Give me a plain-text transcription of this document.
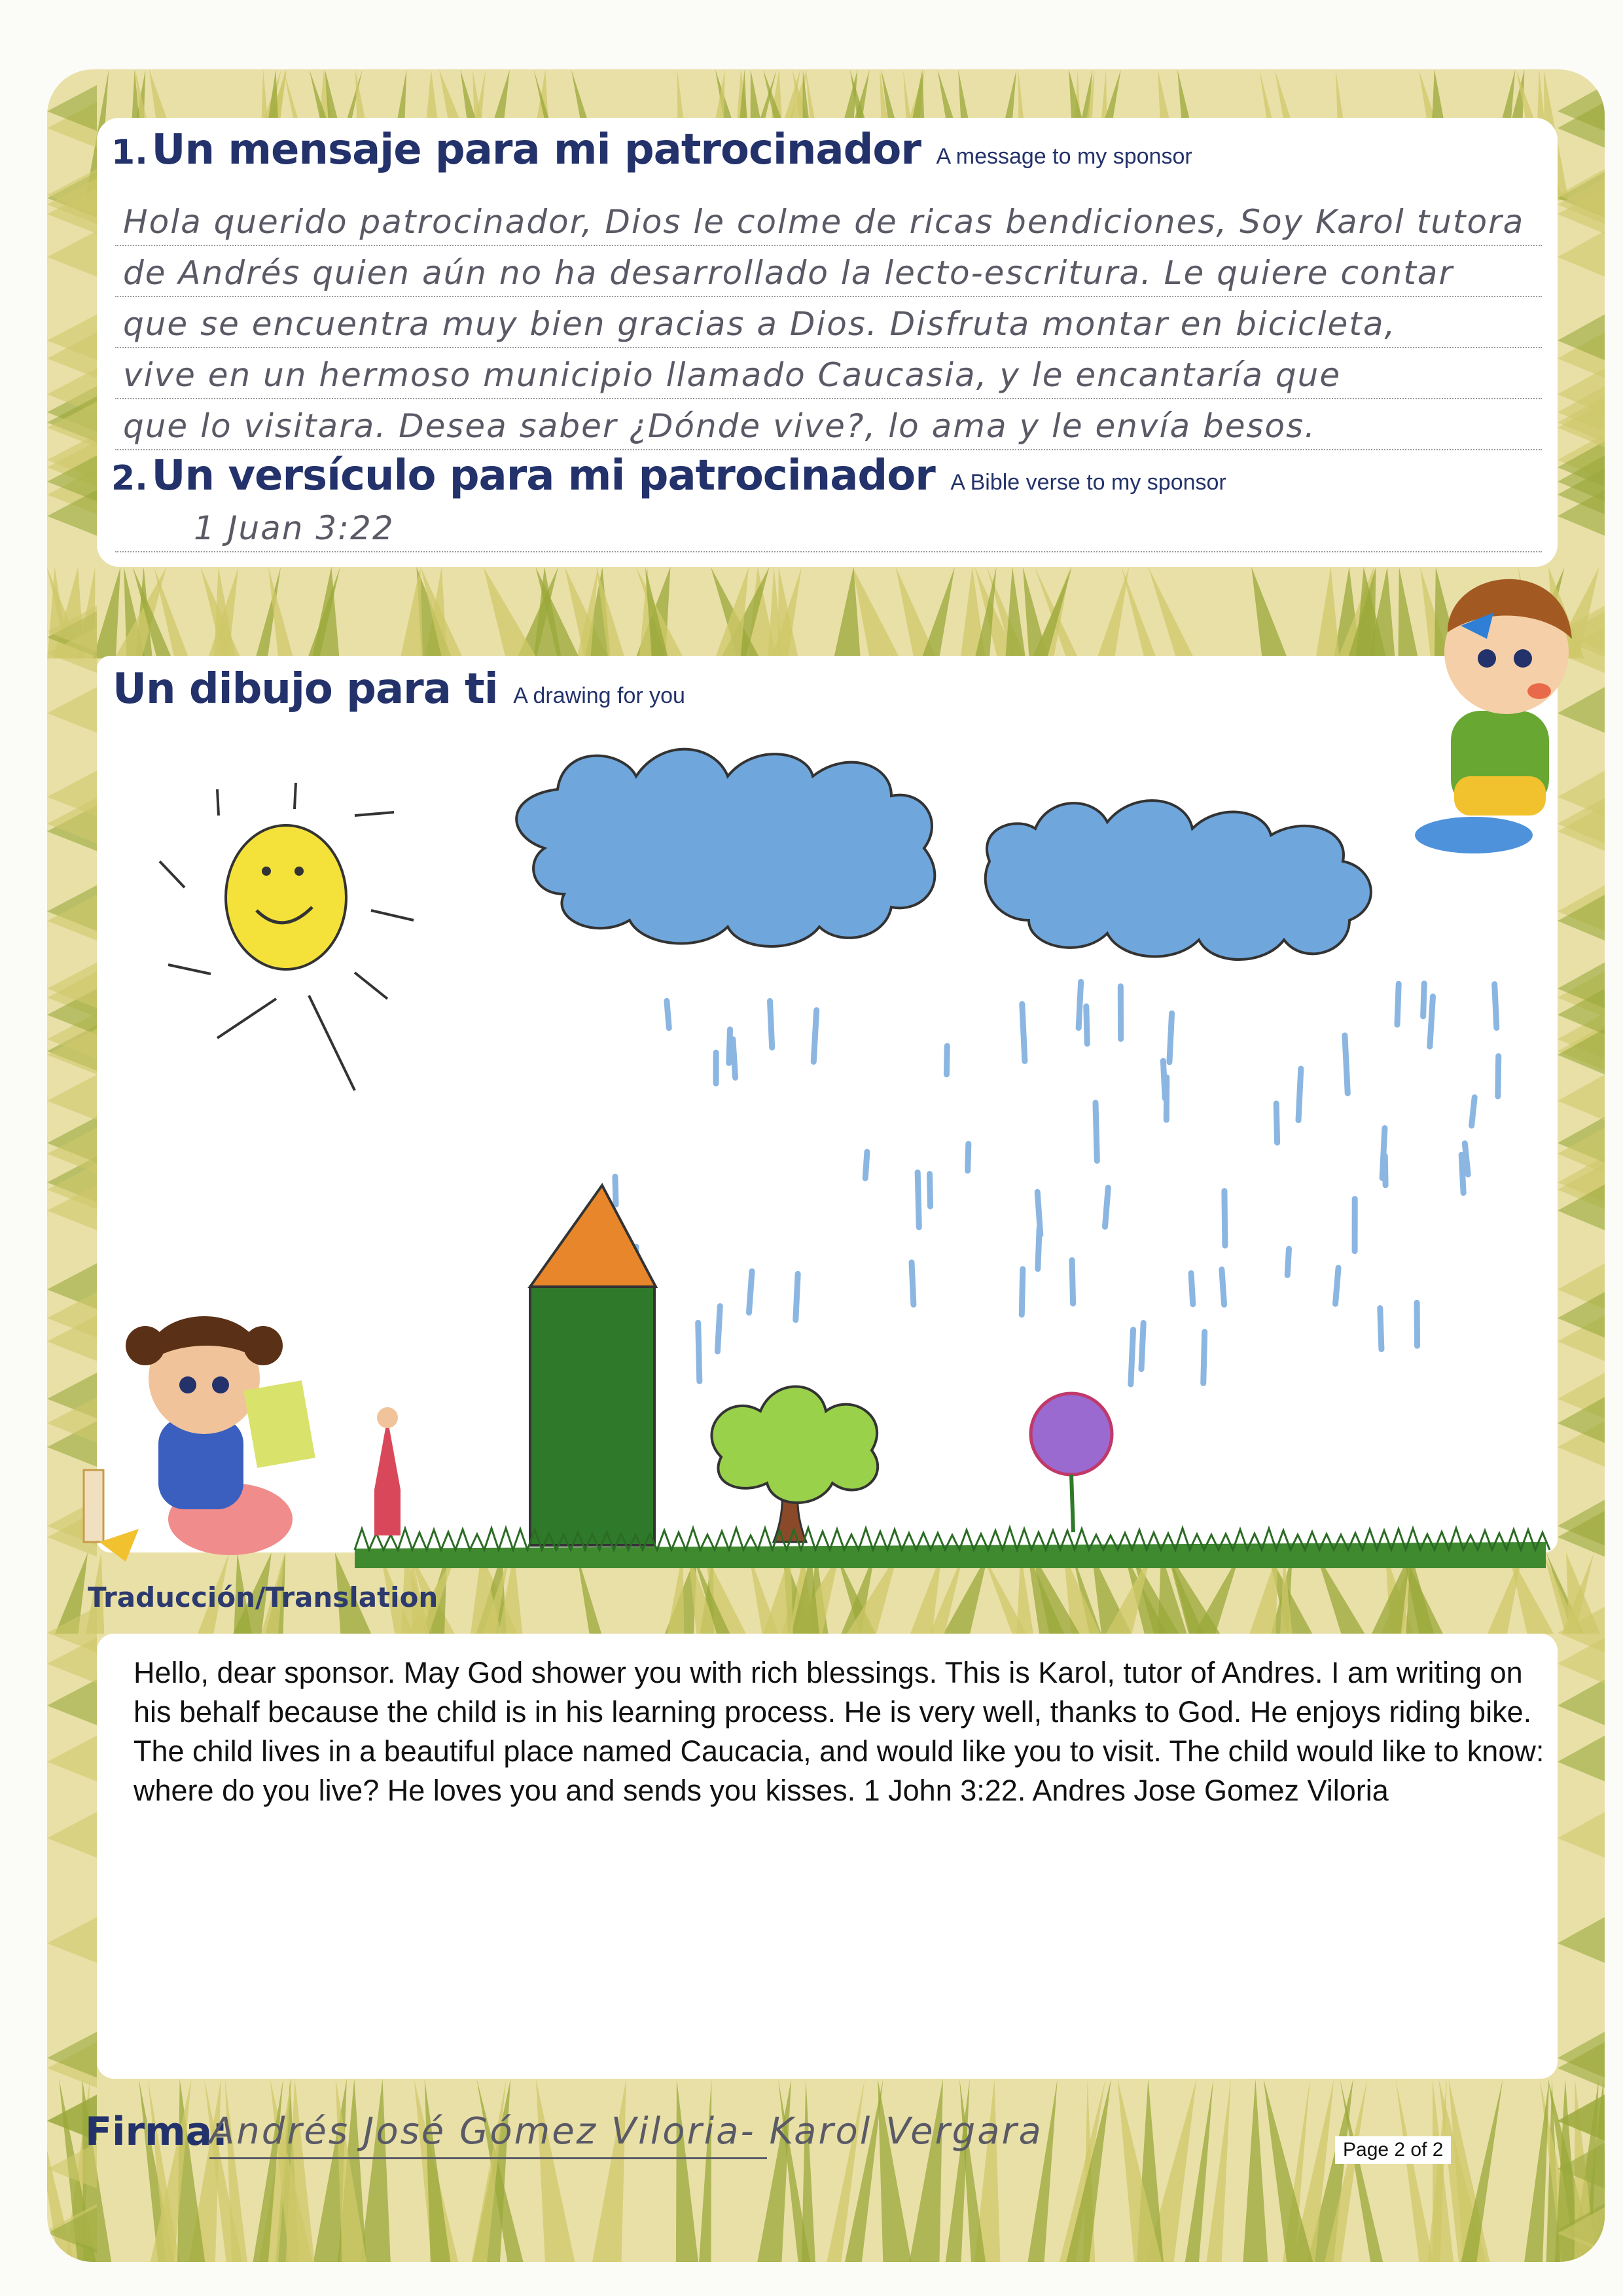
1. Un mensaje para mi patrocinador A message to my sponsor
Hola querido patrocinador, Dios le colme de ricas bendiciones, Soy Karol tutora
de Andrés quien aún no ha desarrollado la lecto-escritura. Le quiere contar
que se encuentra muy bien gracias a Dios. Disfruta montar en bicicleta,
vive en un hermoso municipio llamado Caucasia, y le encantaría que
que lo visitara. Desea saber ¿Dónde vive?, lo ama y le envía besos.
2. Un versículo para mi patrocinador A Bible verse to my sponsor
1 Juan 3:22
Un dibujo para ti A drawing for you
Traducción/Translation
Hello, dear sponsor. May God shower you with rich blessings. This is Karol, tutor of Andres. I am writing on his behalf because the child is in his learning process. He is very well, thanks to God. He enjoys riding bike. The child lives in a beautiful place named Caucacia, and would like you to visit. The child would like to know: where do you live? He loves you and sends you kisses. 1 John 3:22. Andres Jose Gomez Viloria
Firma:
Andrés José Gómez Viloria- Karol Vergara	Page 2 of 2
